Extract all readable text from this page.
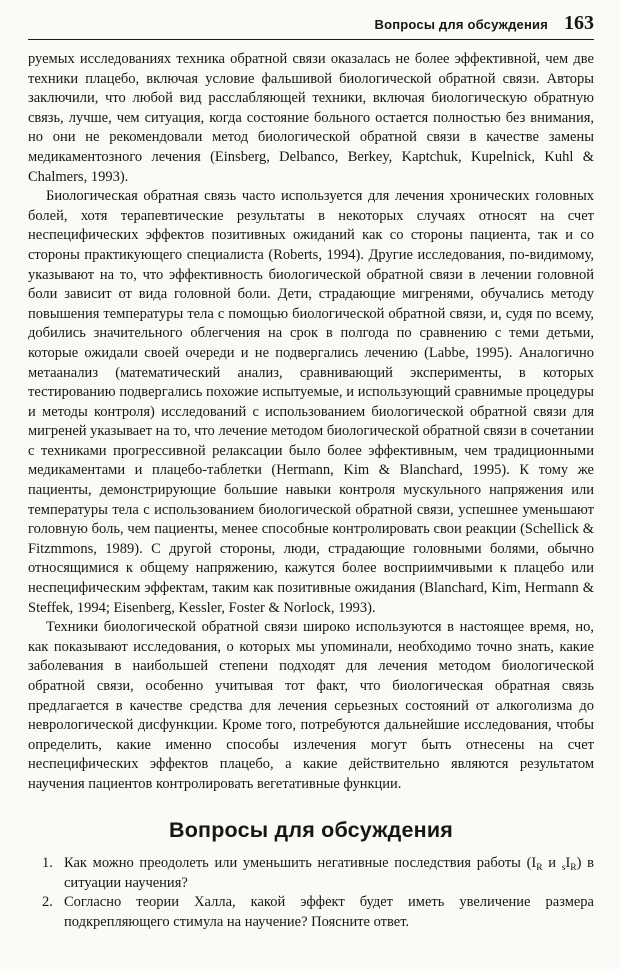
Вопросы для обсуждения 163

руемых исследованиях техника обратной связи оказалась не более эффективной, чем две техники плацебо, включая условие фальшивой биологической обратной связи. Авторы заключили, что любой вид расслабляющей техники, включая биологическую обратную связь, лучше, чем ситуация, когда состояние больного остается полностью без внимания, но они не рекомендовали метод биологической обратной связи в качестве замены медикаментозного лечения (Einsberg, Delbanco, Berkey, Kaptchuk, Kupelnick, Kuhl & Chalmers, 1993).

Биологическая обратная связь часто используется для лечения хронических головных болей, хотя терапевтические результаты в некоторых случаях относят на счет неспецифических эффектов позитивных ожиданий как со стороны пациента, так и со стороны практикующего специалиста (Roberts, 1994). Другие исследования, по-видимому, указывают на то, что эффективность биологической обратной связи в лечении головной боли зависит от вида головной боли. Дети, страдающие мигренями, обучались методу повышения температуры тела с помощью биологической обратной связи, и, судя по всему, добились значительного облегчения на срок в полгода по сравнению с теми детьми, которые ожидали своей очереди и не подвергались лечению (Labbe, 1995). Аналогично метаанализ (математический анализ, сравнивающий эксперименты, в которых тестированию подвергались похожие испытуемые, и использующий сравнимые процедуры и методы контроля) исследований с использованием биологической обратной связи для мигреней указывает на то, что лечение методом биологической обратной связи в сочетании с техниками прогрессивной релаксации было более эффективным, чем традиционными медикаментами и плацебо-таблетки (Hermann, Kim & Blanchard, 1995). К тому же пациенты, демонстрирующие большие навыки контроля мускульного напряжения или температуры тела с использованием биологической обратной связи, успешнее уменьшают головную боль, чем пациенты, менее способные контролировать свои реакции (Schellick & Fitzmmons, 1989). С другой стороны, люди, страдающие головными болями, обычно относящимися к общему напряжению, кажутся более восприимчивыми к плацебо или неспецифическим эффектам, таким как позитивные ожидания (Blanchard, Kim, Hermann & Steffek, 1994; Eisenberg, Kessler, Foster & Norlock, 1993).

Техники биологической обратной связи широко используются в настоящее время, но, как показывают исследования, о которых мы упоминали, необходимо точно знать, какие заболевания в наибольшей степени подходят для лечения методом биологической обратной связи, особенно учитывая тот факт, что биологическая обратная связь предлагается в качестве средства для лечения серьезных состояний от алкоголизма до неврологической дисфункции. Кроме того, потребуются дальнейшие исследования, чтобы определить, какие именно способы излечения могут быть отнесены на счет неспецифических эффектов плацебо, а какие действительно являются результатом научения пациентов контролировать вегетативные функции.

Вопросы для обсуждения
1. Как можно преодолеть или уменьшить негативные последствия работы ($I_R$ и $_sI_R$) в ситуации научения?
2. Согласно теории Халла, какой эффект будет иметь увеличение размера подкрепляющего стимула на научение? Поясните ответ.
